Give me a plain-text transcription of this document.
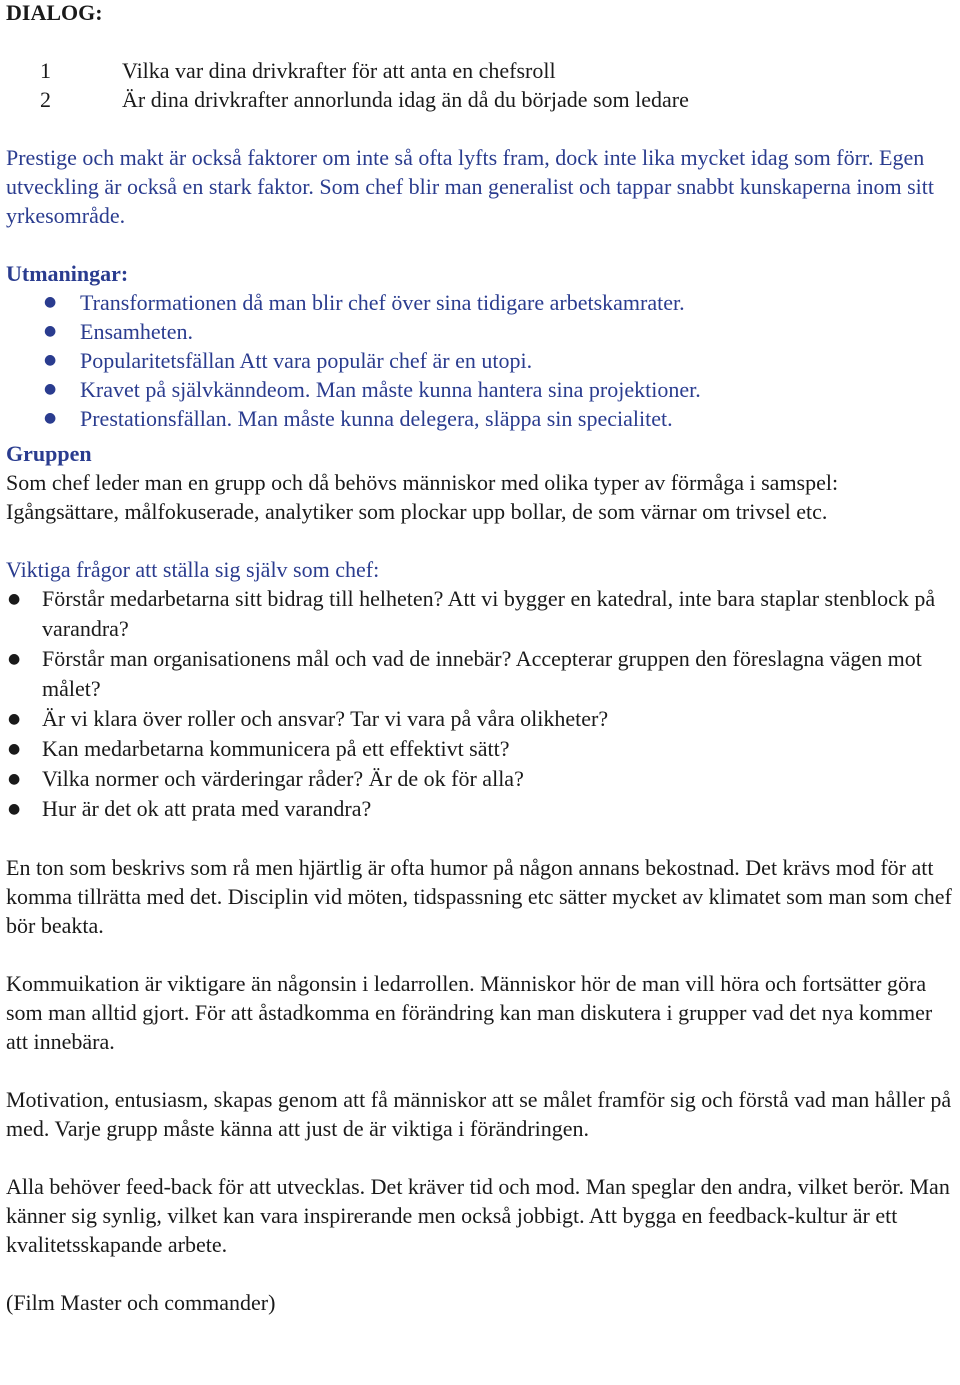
DIALOG:

1	Vilka var dina drivkrafter för att anta en chefsroll
2	Är dina drivkrafter annorlunda idag än då du började som ledare

Prestige och makt är också faktorer om inte så ofta lyfts fram, dock inte lika mycket idag som förr. Egen utveckling är också en stark faktor. Som chef blir man generalist och tappar snabbt kunskaperna inom sitt yrkesområde.

Utmaningar:

● Transformationen då man blir chef över sina tidigare arbetskamrater.
● Ensamheten.
● Popularitetsfällan Att vara populär chef är en utopi.
● Kravet på självkänndeom. Man måste kunna hantera sina projektioner.
● Prestationsfällan. Man måste kunna delegera, släppa sin specialitet.

Gruppen

Som chef leder man en grupp och då behövs människor med olika typer av förmåga i samspel: Igångsättare, målfokuserade, analytiker som plockar upp bollar, de som värnar om trivsel etc.

Viktiga frågor att ställa sig själv som chef:

● Förstår medarbetarna sitt bidrag till helheten? Att vi bygger en katedral, inte bara staplar stenblock på varandra?
● Förstår man organisationens mål och vad de innebär? Accepterar gruppen den föreslagna vägen mot målet?
● Är vi klara över roller och ansvar? Tar vi vara på våra olikheter?
● Kan medarbetarna kommunicera på ett effektivt sätt?
● Vilka normer och värderingar råder? Är de ok för alla?
● Hur är det ok att prata med varandra?

En ton som beskrivs som rå men hjärtlig är ofta humor på någon annans bekostnad. Det krävs mod för att komma tillrätta med det. Disciplin vid möten, tidspassning etc sätter mycket av klimatet som man som chef bör beakta.

Kommuikation är viktigare än någonsin i ledarrollen. Människor hör de man vill höra och fortsätter göra som man alltid gjort. För att åstadkomma en förändring kan man diskutera i grupper vad det nya kommer att innebära.

Motivation, entusiasm, skapas genom att få människor att se målet framför sig och förstå vad man håller på med. Varje grupp måste känna att just de är viktiga i förändringen.

Alla behöver feed-back för att utvecklas. Det kräver tid och mod. Man speglar den andra, vilket berör. Man känner sig synlig, vilket kan vara inspirerande men också jobbigt. Att bygga en feedback-kultur är ett kvalitetsskapande arbete.

(Film Master och commander)
